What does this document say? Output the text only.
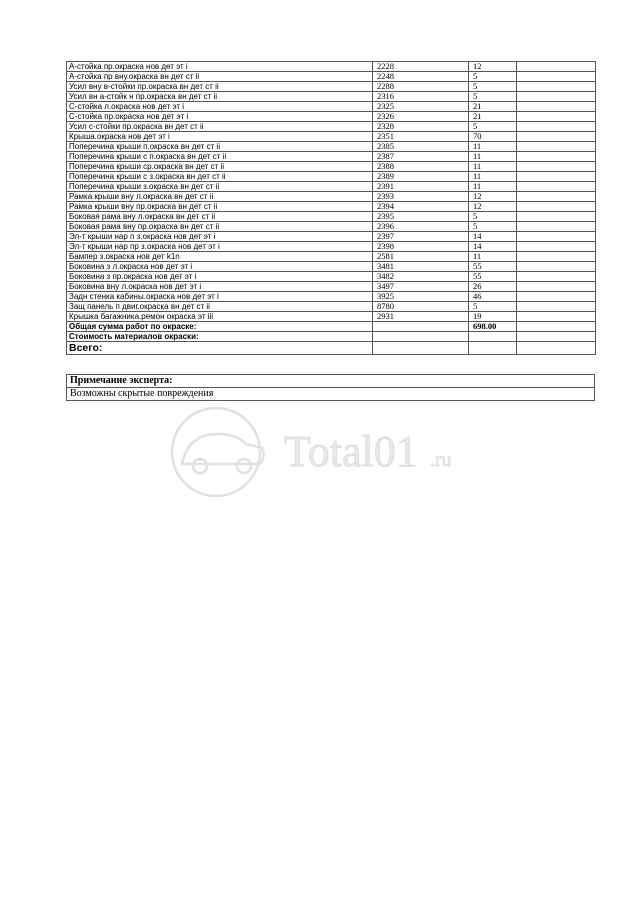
А-стойка пр.окраска нов дет эт i	2228	12	
А-стойка пр вну.окраска вн дет ст ii	2248	5	
Усил вну в-стойки пр.окраска вн дет ст ii	2288	5	
Усил вн а-стойк н пр.окраска вн дет ст ii	2316	5	
С-стойка л.окраска нов дет эт i	2325	21	
С-стойка пр.окраска нов дет эт i	2326	21	
Усил с-стойки пр.окраска вн дет ст ii	2328	5	
Крыша.окраска нов дет эт i	2351	70	
Поперечина крыши п.окраска вн дет ст ii	2385	11	
Поперечина крыши с п.окраска вн дет ст ii	2387	11	
Поперечина крыши ср.окраска вн дет ст ii	2388	11	
Поперечина крыши с з.окраска вн дет ст ii	2389	11	
Поперечина крыши з.окраска вн дет ст ii	2391	11	
Рамка крыши вну л.окраска вн дет ст ii	2393	12	
Рамка крыши вну пр.окраска вн дет ст ii	2394	12	
Боковая рама вну л.окраска вн дет ст ii	2395	5	
Боковая рама вну пр.окраска вн дет ст ii	2396	5	
Эл-т крыши нар п з.окраска нов дет эт i	2397	14	
Эл-т крыши нар пр з.окраска нов дет эт i	2398	14	
Бампер з.окраска нов дет k1n	2581	11	
Боковина з л.окраска нов дет эт i	3481	55	
Боковина з пр.окраска нов дет эт i	3482	55	
Боковина вну л.окраска нов дет эт i	3497	26	
Задн стенка кабины.окраска нов дет эт i	3925	46	
Защ панель п двиг.окраска вн дет ст ii	8780	5	
Крышка багажника.ремон окраска эт iii	2931	19	
Общая сумма работ по окраске:		698.00	
Стоимость материалов окраски:			
Всего:			
Примечание эксперта:
Возможны скрытые повреждения
Total01 .ru
